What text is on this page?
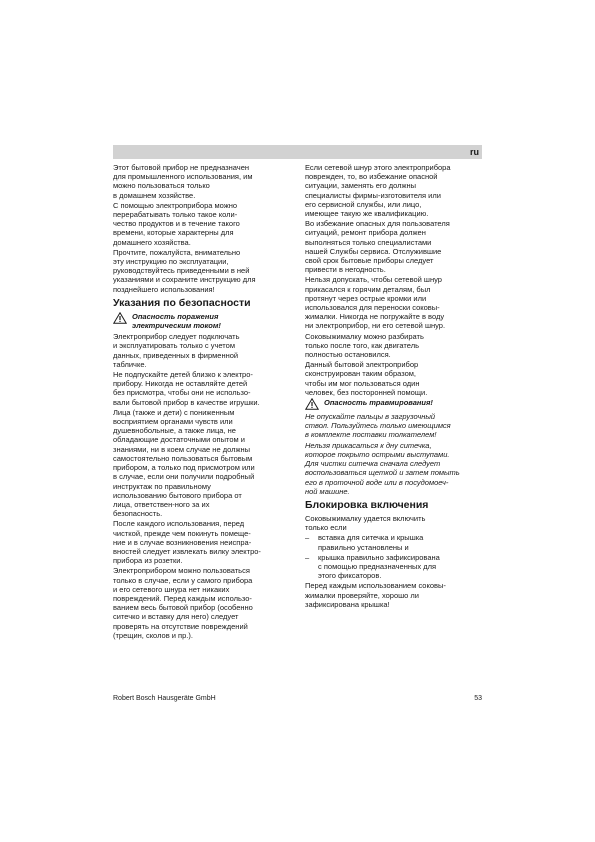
ru
Этот бытовой прибор не предназначен
для промышленного использования, им
можно пользоваться только
в домашнем хозяйстве.
С помощью электроприбора можно
перерабатывать только такое коли-
чество продуктов и в течение такого
времени, которые характерны для
домашнего хозяйства.
Прочтите, пожалуйста, внимательно
эту инструкцию по эксплуатации,
руководствуйтесь приведенными в ней
указаниями и сохраните инструкцию для
позднейшего использования!
Указания по безопасности
Опасность поражения
электрическим током!
Электроприбор следует подключать
и эксплуатировать только с учетом
данных, приведенных в фирменной
табличке.
Не подпускайте детей близко к электро-
прибору. Никогда не оставляйте детей
без присмотра, чтобы они не использо-
вали бытовой прибор в качестве игрушки.
Лица (также и дети) с пониженным
восприятием органами чувств или
душевнобольные, а также лица, не
обладающие достаточными опытом и
знаниями, ни в коем случае не должны
самостоятельно пользоваться бытовым
прибором, а только под присмотром или
в случае, если они получили подробный
инструктаж по правильному
использованию бытового прибора от
лица, ответствен-ного за их
безопасность.
После каждого использования, перед
чисткой, прежде чем покинуть помеще-
ние и в случае возникновения неиспра-
вностей следует извлекать вилку электро-
прибора из розетки.
Электроприбором можно пользоваться
только в случае, если у самого прибора
и его сетевого шнура нет никаких
повреждений. Перед каждым использо-
ванием весь бытовой прибор (особенно
ситечко и вставку для него) следует
проверять на отсутствие повреждений
(трещин, сколов и пр.).
Если сетевой шнур этого электроприбора
поврежден, то, во избежание опасной
ситуации, заменять его должны
специалисты фирмы-изготовителя или
его сервисной службы, или лицо,
имеющее такую же квалификацию.
Во избежание опасных для пользователя
ситуаций, ремонт прибора должен
выполняться только специалистами
нашей Службы сервиса. Отслужившие
свой срок бытовые приборы следует
привести в негодность.
Нельзя допускать, чтобы сетевой шнур
прикасался к горячим деталям, был
протянут через острые кромки или
использовался для переноски соковы-
жималки. Никогда не погружайте в воду
ни электроприбор, ни его сетевой шнур.
Соковыжималку можно разбирать
только после того, как двигатель
полностью остановился.
Данный бытовой электроприбор
сконструирован таким образом,
чтобы им мог пользоваться один
человек, без посторонней помощи.
Опасность травмирования!
Не опускайте пальцы в загрузочный
ствол. Пользуйтесь только имеющимся
в комплекте поставки толкателем!
Нельзя прикасаться к дну ситечка,
которое покрыто острыми выступами.
Для чистки ситечка сначала следует
воспользоваться щеткой и затем помыть
его в проточной воде или в посудомоеч-
ной машине.
Блокировка включения
Соковыжималку удается включить
только если
–	вставка для ситечка и крышка
правильно установлены и
–	крышка правильно зафиксирована
с помощью предназначенных для
этого фиксаторов.
Перед каждым использованием соковы-
жималки проверяйте, хорошо ли
зафиксирована крышка!
Robert Bosch Hausgeräte GmbH	53
